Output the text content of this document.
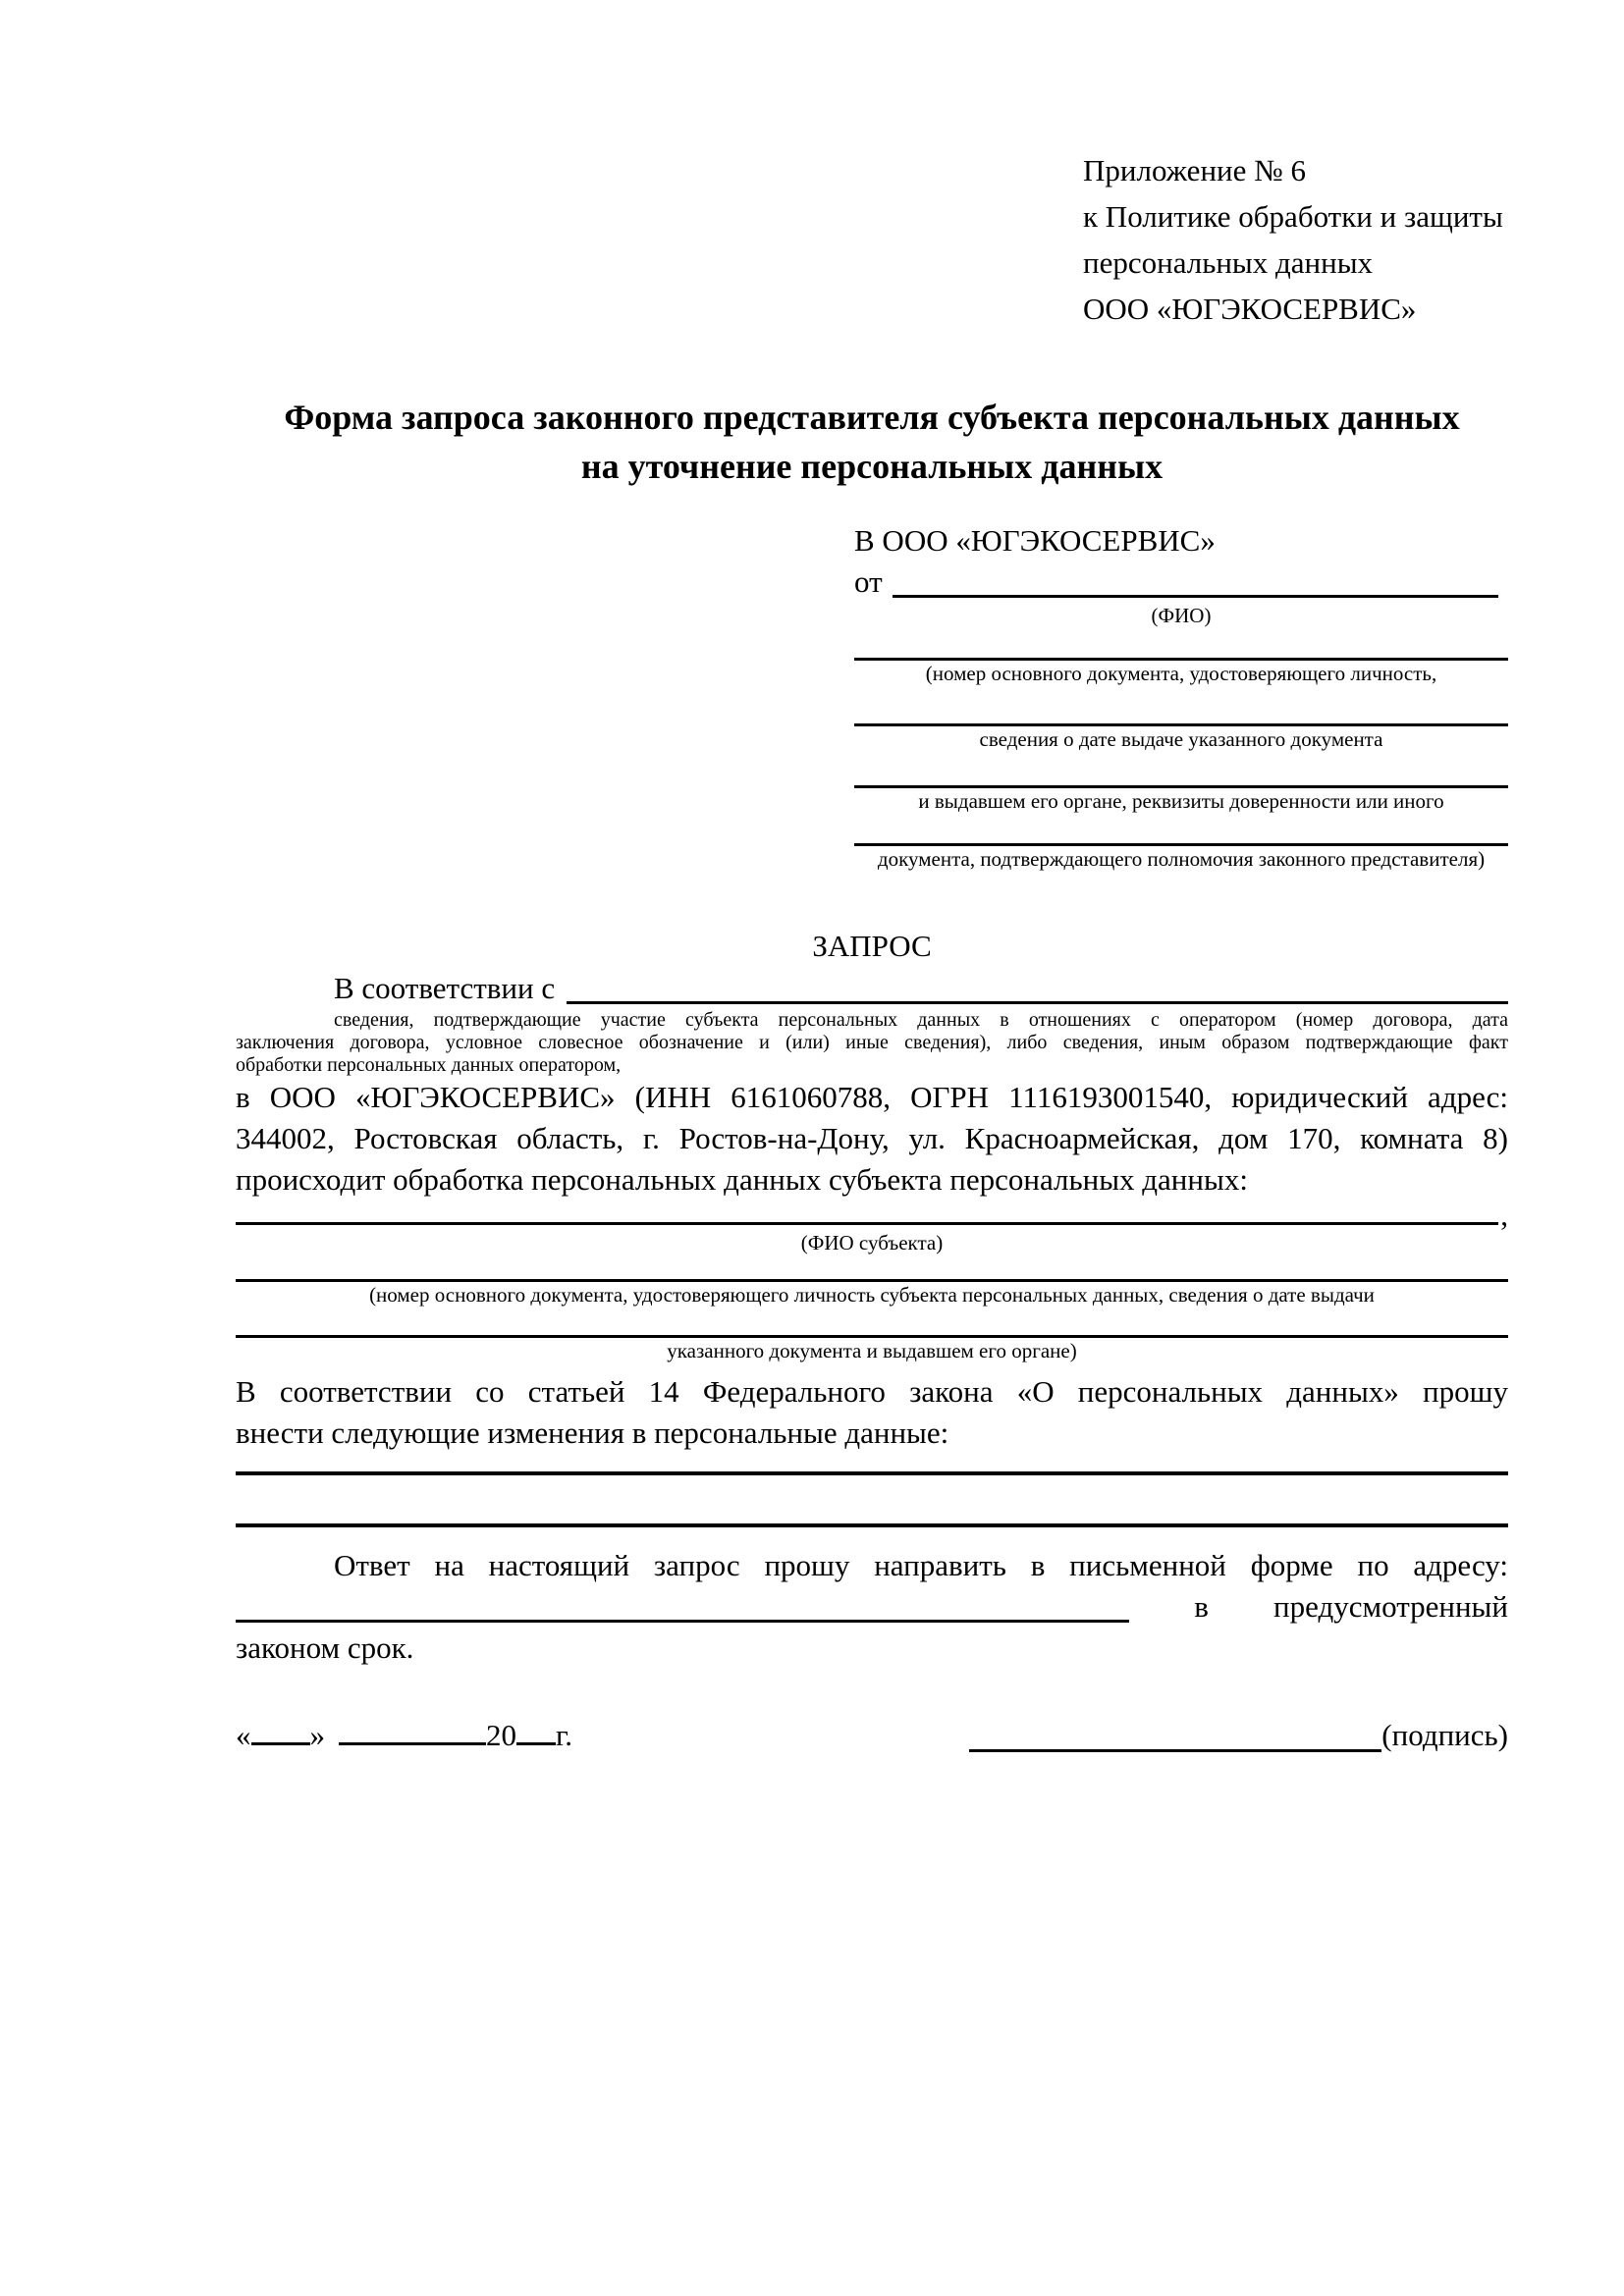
Приложение № 6
к Политике обработки и защиты
персональных данных
ООО «ЮГЭКОСЕРВИС»
Форма запроса законного представителя субъекта персональных данных
на уточнение персональных данных
В ООО «ЮГЭКОСЕРВИС»
от
(ФИО)
(номер основного документа, удостоверяющего личность,
сведения о дате выдаче указанного документа
и выдавшем его органе, реквизиты доверенности или иного
документа, подтверждающего полномочия законного представителя)
ЗАПРОС
В соответствии с
сведения, подтверждающие участие субъекта персональных данных в отношениях с оператором (номер договора, дата
заключения договора, условное словесное обозначение и (или) иные сведения), либо сведения, иным образом подтверждающие факт
обработки персональных данных оператором,
в ООО «ЮГЭКОСЕРВИС» (ИНН 6161060788, ОГРН 1116193001540, юридический адрес:
344002, Ростовская область, г. Ростов-на-Дону, ул. Красноармейская, дом 170, комната 8)
происходит обработка персональных данных субъекта персональных данных:
,
(ФИО субъекта)
(номер основного документа, удостоверяющего личность субъекта персональных данных, сведения о дате выдачи
указанного документа и выдавшем его органе)
В соответствии со статьей 14 Федерального закона «О персональных данных» прошу
внести следующие изменения в персональные данные:
Ответ на настоящий запрос прошу направить в письменной форме по адресу:
в предусмотренный
законом срок.
« »	20 г.	(подпись)
